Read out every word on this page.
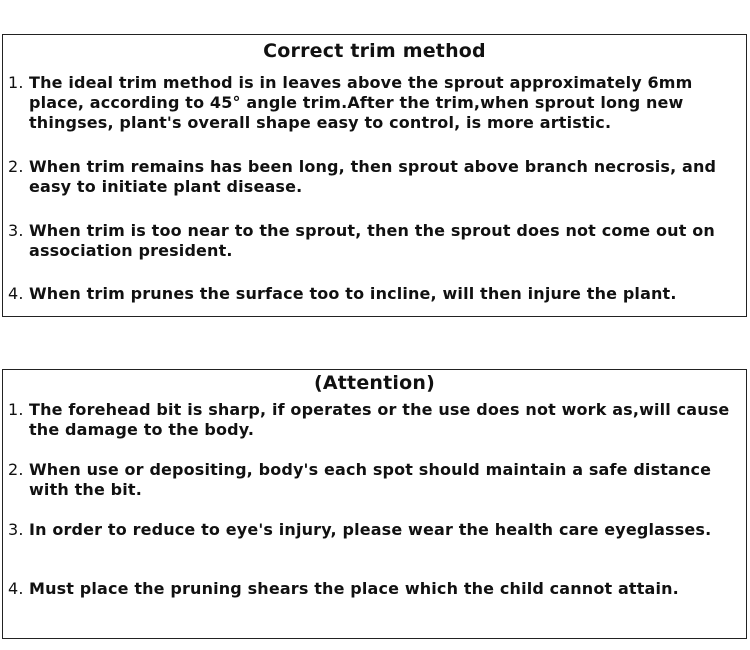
Correct trim method
1. The ideal trim method is in leaves above the sprout approximately 6mm place, according to 45° angle trim.After the trim,when sprout long new thingses, plant's overall shape easy to control, is more artistic.
2. When trim remains has been long, then sprout above branch necrosis, and easy to initiate plant disease.
3. When trim is too near to the sprout, then the sprout does not come out on association president.
4. When trim prunes the surface too to incline, will then injure the plant.
(Attention)
1. The forehead bit is sharp, if operates or the use does not work as,will cause the damage to the body.
2. When use or depositing, body's each spot should maintain a safe distance with the bit.
3. In order to reduce to eye's injury, please wear the health care eyeglasses.
4. Must place the pruning shears the place which the child cannot attain.
